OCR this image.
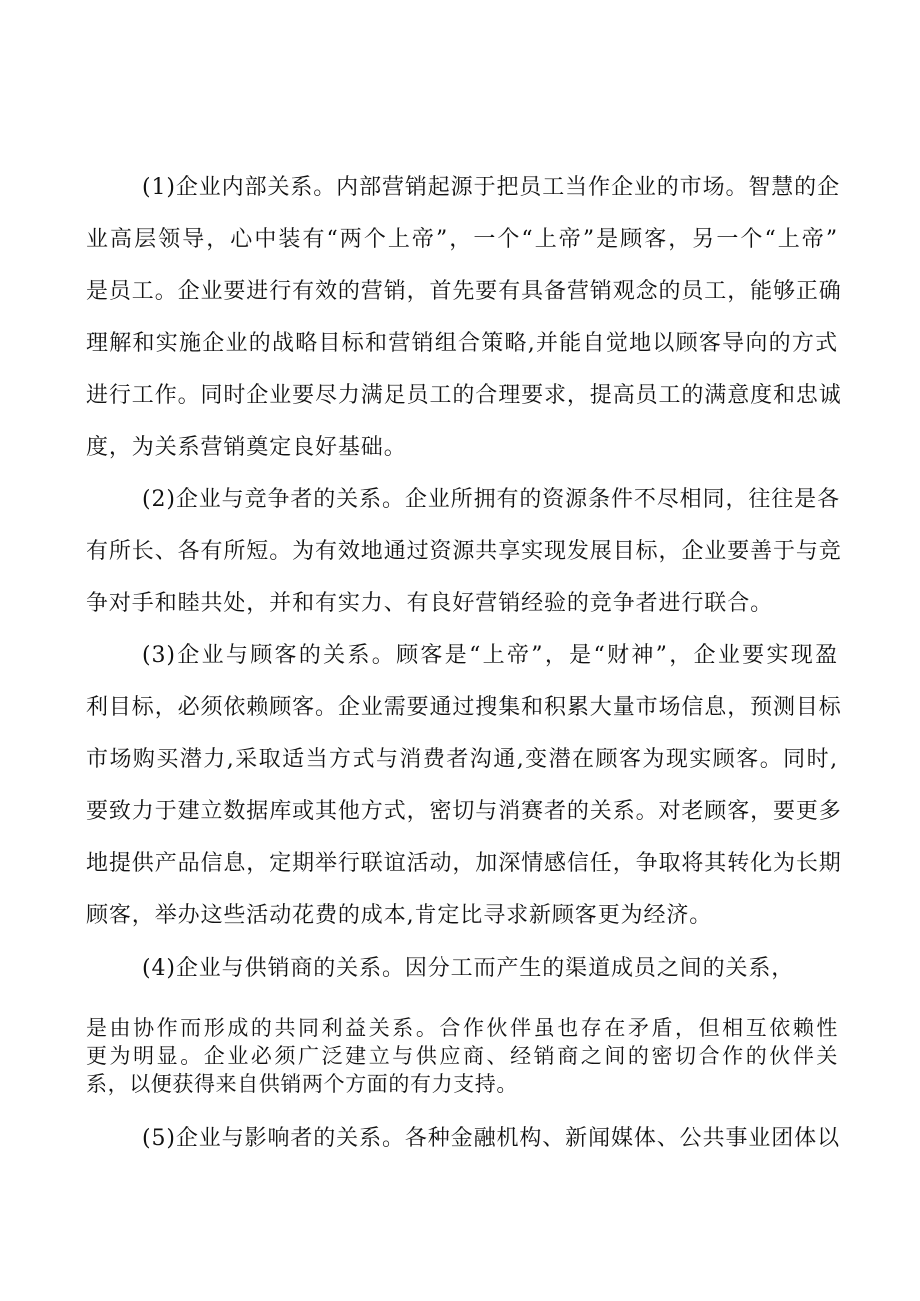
(1)企业内部关系。内部营销起源于把员工当作企业的市场。智慧的企
业高层领导，心中装有“两个上帝”，一个“上帝”是顾客，另一个“上帝”
是员工。企业要进行有效的营销，首先要有具备营销观念的员工，能够正确
理解和实施企业的战略目标和营销组合策略,并能自觉地以顾客导向的方式
进行工作。同时企业要尽力满足员工的合理要求，提高员工的满意度和忠诚
度，为关系营销奠定良好基础。
(2)企业与竞争者的关系。企业所拥有的资源条件不尽相同，往往是各
有所长、各有所短。为有效地通过资源共享实现发展目标，企业要善于与竞
争对手和睦共处，并和有实力、有良好营销经验的竞争者进行联合。
(3)企业与顾客的关系。顾客是“上帝”，是“财神”，企业要实现盈
利目标，必须依赖顾客。企业需要通过搜集和积累大量市场信息，预测目标
市场购买潜力,采取适当方式与消费者沟通,变潜在顾客为现实顾客。同时,
要致力于建立数据库或其他方式，密切与消赛者的关系。对老顾客，要更多
地提供产品信息，定期举行联谊活动，加深情感信任，争取将其转化为长期
顾客，举办这些活动花费的成本,肯定比寻求新顾客更为经济。
(4)企业与供销商的关系。因分工而产生的渠道成员之间的关系，
是由协作而形成的共同利益关系。合作伙伴虽也存在矛盾，但相互依赖性
更为明显。企业必须广泛建立与供应商、经销商之间的密切合作的伙伴关
系，以便获得来自供销两个方面的有力支持。
(5)企业与影响者的关系。各种金融机构、新闻媒体、公共事业团体以
